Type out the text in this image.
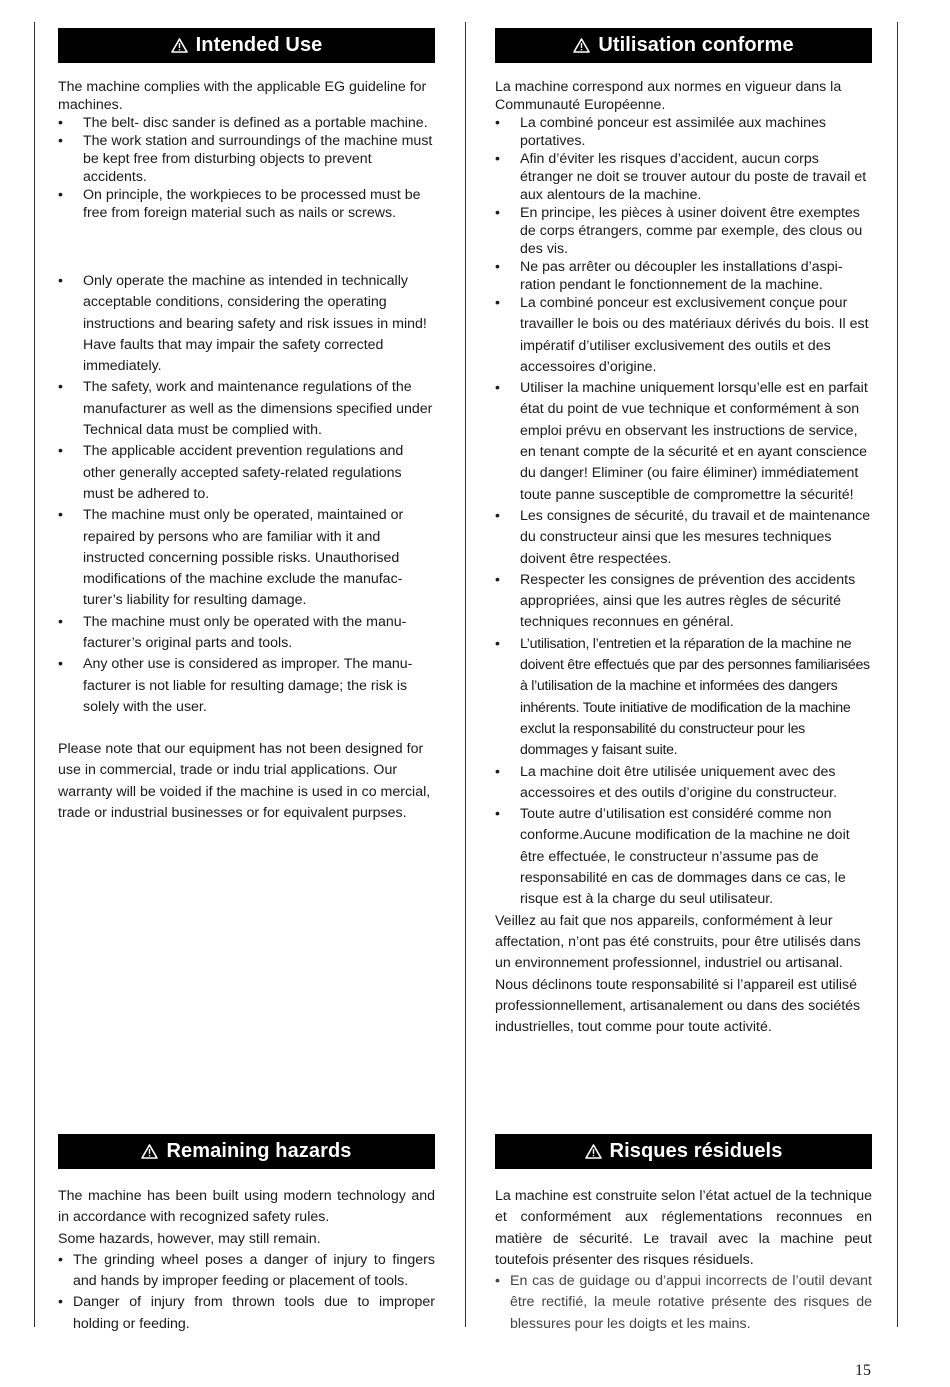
Intended Use

The machine complies with the applicable EG guideline for machines.

• The belt- disc sander is defined as a portable machine.
• The work station and surroundings of the machine must be kept free from disturbing objects to prevent accidents.
• On principle, the workpieces to be processed must be free from foreign material such as nails or screws.
• Only operate the machine as intended in technically acceptable conditions, considering the operating instructions and bearing safety and risk issues in mind! Have faults that may impair the safety corrected immediately.
• The safety, work and maintenance regulations of the manufacturer as well as the dimensions specified under Technical data must be complied with.
• The applicable accident prevention regulations and other generally accepted safety-related regulations must be adhered to.
• The machine must only be operated, maintained or repaired by persons who are familiar with it and instructed concerning possible risks. Unauthorised modifications of the machine exclude the manufacturer’s liability for resulting damage.
• The machine must only be operated with the manufacturer’s original parts and tools.
• Any other use is considered as improper. The manufacturer is not liable for resulting damage; the risk is solely with the user.

Please note that our equipment has not been designed for use in commercial, trade or indu trial applications. Our warranty will be voided if the machine is used in co mercial, trade or industrial businesses or for equivalent purpses.

Remaining hazards

The machine has been built using modern technology and in accordance with recognized safety rules.

Some hazards, however, may still remain.

• The grinding wheel poses a danger of injury to fingers and hands by improper feeding or placement of tools.
• Danger of injury from thrown tools due to improper holding or feeding.
Utilisation conforme

La machine correspond aux normes en vigueur dans la Communauté Européenne.

• La combiné ponceur est assimilée aux machines portatives.
• Afin d’éviter les risques d’accident, aucun corps étranger ne doit se trouver autour du poste de travail et aux alentours de la machine.
• En principe, les pièces à usiner doivent être exemptes de corps étrangers, comme par exemple, des clous ou des vis.
• Ne pas arrêter ou découpler les installations d’aspiration pendant le fonctionnement de la machine.
• La combiné ponceur est exclusivement conçue pour travailler le bois ou des matériaux dérivés du bois. Il est impératif d’utiliser exclusivement des outils et des accessoires d’origine.
• Utiliser la machine uniquement lorsqu’elle est en parfait état du point de vue technique et conformément à son emploi prévu en observant les instructions de service, en tenant compte de la sécurité et en ayant conscience du danger! Eliminer (ou faire éliminer) immédiatement toute panne susceptible de compromettre la sécurité!
• Les consignes de sécurité, du travail et de maintenance du constructeur ainsi que les mesures techniques doivent être respectées.
• Respecter les consignes de prévention des accidents appropriées, ainsi que les autres règles de sécurité techniques reconnues en général.
• L’utilisation, l’entretien et la réparation de la machine ne doivent être effectués que par des personnes familiarisées à l’utilisation de la machine et informées des dangers inhérents. Toute initiative de modification de la machine exclut la responsabilité du constructeur pour les dommages y faisant suite.
• La machine doit être utilisée uniquement avec des accessoires et des outils d’origine du constructeur.
• Toute autre d’utilisation est considéré comme non conforme.Aucune modification de la machine ne doit être effectuée, le constructeur n’assume pas de responsabilité en cas de dommages dans ce cas, le risque est à la charge du seul utilisateur.

Veillez au fait que nos appareils, conformément à leur affectation, n’ont pas été construits, pour être utilisés dans un environnement professionnel, industriel ou artisanal. Nous déclinons toute responsabilité si l’appareil est utilisé professionnellement, artisanalement ou dans des sociétés industrielles, tout comme pour toute activité.

Risques résiduels

La machine est construite selon l’état actuel de la technique et conformément aux réglementations reconnues en matière de sécurité. Le travail avec la machine peut toutefois présenter des risques résiduels.

• En cas de guidage ou d’appui incorrects de l’outil devant être rectifié, la meule rotative présente des risques de blessures pour les doigts et les mains.
15
